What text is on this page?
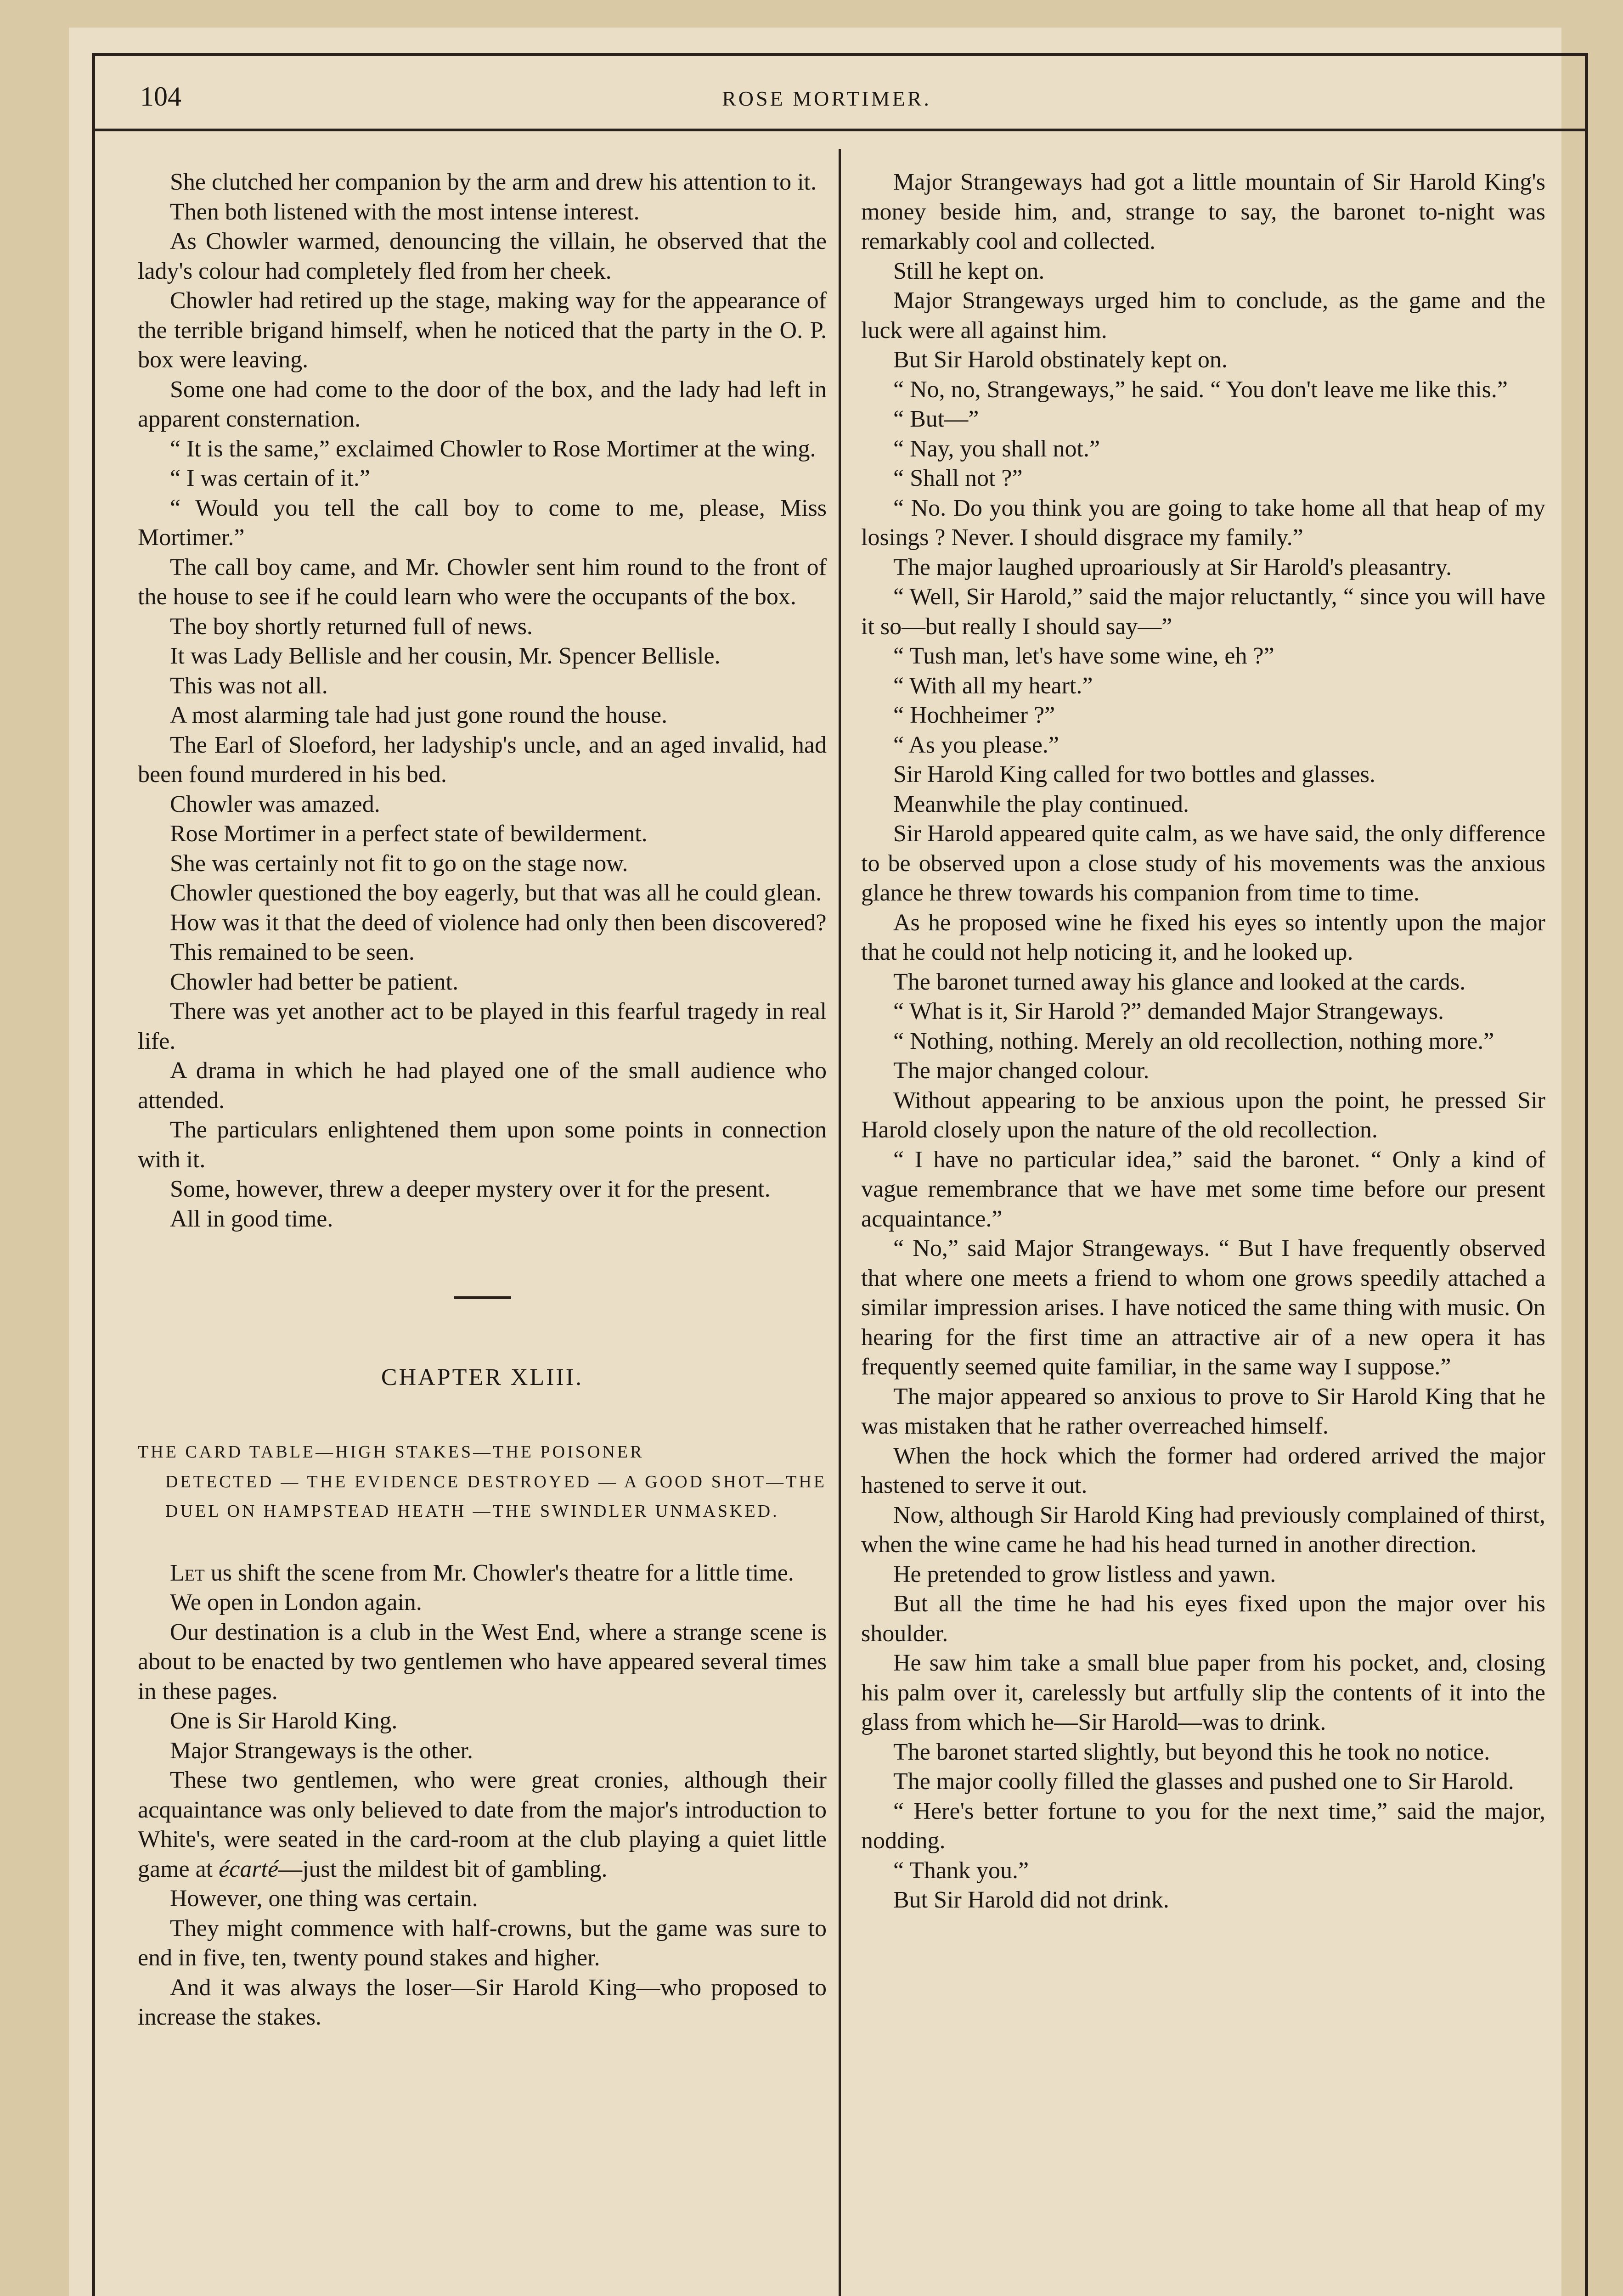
104	ROSE MORTIMER.

She clutched her companion by the arm and drew his attention to it.

Then both listened with the most intense interest.

As Chowler warmed, denouncing the villain, he observed that the lady's colour had completely fled from her cheek.

Chowler had retired up the stage, making way for the appearance of the terrible brigand himself, when he noticed that the party in the O. P. box were leaving.

Some one had come to the door of the box, and the lady had left in apparent consternation.

“ It is the same,” exclaimed Chowler to Rose Mortimer at the wing.

“ I was certain of it.”

“ Would you tell the call boy to come to me, please, Miss Mortimer.”

The call boy came, and Mr. Chowler sent him round to the front of the house to see if he could learn who were the occupants of the box.

The boy shortly returned full of news.

It was Lady Bellisle and her cousin, Mr. Spencer Bellisle.

This was not all.

A most alarming tale had just gone round the house.

The Earl of Sloeford, her ladyship's uncle, and an aged invalid, had been found murdered in his bed.

Chowler was amazed.

Rose Mortimer in a perfect state of bewilderment.

She was certainly not fit to go on the stage now.

Chowler questioned the boy eagerly, but that was all he could glean.

How was it that the deed of violence had only then been discovered?

This remained to be seen.

Chowler had better be patient.

There was yet another act to be played in this fearful tragedy in real life.

A drama in which he had played one of the small audience who attended.

The particulars enlightened them upon some points in connection with it.

Some, however, threw a deeper mystery over it for the present.

All in good time.

CHAPTER XLIII.
THE CARD TABLE—HIGH STAKES—THE POISONER
DETECTED — THE EVIDENCE DESTROYED — A GOOD SHOT—THE DUEL ON HAMPSTEAD HEATH —THE SWINDLER UNMASKED.

Let us shift the scene from Mr. Chowler's theatre for a little time.

We open in London again.

Our destination is a club in the West End, where a strange scene is about to be enacted by two gentlemen who have appeared several times in these pages.

One is Sir Harold King.

Major Strangeways is the other.

These two gentlemen, who were great cronies, although their acquaintance was only believed to date from the major's introduction to White's, were seated in the card-room at the club playing a quiet little game at écarté—just the mildest bit of gambling.

However, one thing was certain.

They might commence with half-crowns, but the game was sure to end in five, ten, twenty pound stakes and higher.

And it was always the loser—Sir Harold King—who proposed to increase the stakes.

Major Strangeways had got a little mountain of Sir Harold King's money beside him, and, strange to say, the baronet to-night was remarkably cool and collected.

Still he kept on.

Major Strangeways urged him to conclude, as the game and the luck were all against him.

But Sir Harold obstinately kept on.

“ No, no, Strangeways,” he said. “ You don't leave me like this.”

“ But—”

“ Nay, you shall not.”

“ Shall not ?”

“ No. Do you think you are going to take home all that heap of my losings ? Never. I should disgrace my family.”

The major laughed uproariously at Sir Harold's pleasantry.

“ Well, Sir Harold,” said the major reluctantly, “ since you will have it so—but really I should say—”

“ Tush man, let's have some wine, eh ?”

“ With all my heart.”

“ Hochheimer ?”

“ As you please.”

Sir Harold King called for two bottles and glasses.

Meanwhile the play continued.

Sir Harold appeared quite calm, as we have said, the only difference to be observed upon a close study of his movements was the anxious glance he threw towards his companion from time to time.

As he proposed wine he fixed his eyes so intently upon the major that he could not help noticing it, and he looked up.

The baronet turned away his glance and looked at the cards.

“ What is it, Sir Harold ?” demanded Major Strangeways.

“ Nothing, nothing. Merely an old recollection, nothing more.”

The major changed colour.

Without appearing to be anxious upon the point, he pressed Sir Harold closely upon the nature of the old recollection.

“ I have no particular idea,” said the baronet. “ Only a kind of vague remembrance that we have met some time before our present acquaintance.”

“ No,” said Major Strangeways. “ But I have frequently observed that where one meets a friend to whom one grows speedily attached a similar impression arises. I have noticed the same thing with music. On hearing for the first time an attractive air of a new opera it has frequently seemed quite familiar, in the same way I suppose.”

The major appeared so anxious to prove to Sir Harold King that he was mistaken that he rather overreached himself.

When the hock which the former had ordered arrived the major hastened to serve it out.

Now, although Sir Harold King had previously complained of thirst, when the wine came he had his head turned in another direction.

He pretended to grow listless and yawn.

But all the time he had his eyes fixed upon the major over his shoulder.

He saw him take a small blue paper from his pocket, and, closing his palm over it, carelessly but artfully slip the contents of it into the glass from which he—Sir Harold—was to drink.

The baronet started slightly, but beyond this he took no notice.

The major coolly filled the glasses and pushed one to Sir Harold.

“ Here's better fortune to you for the next time,” said the major, nodding.

“ Thank you.”

But Sir Harold did not drink.
